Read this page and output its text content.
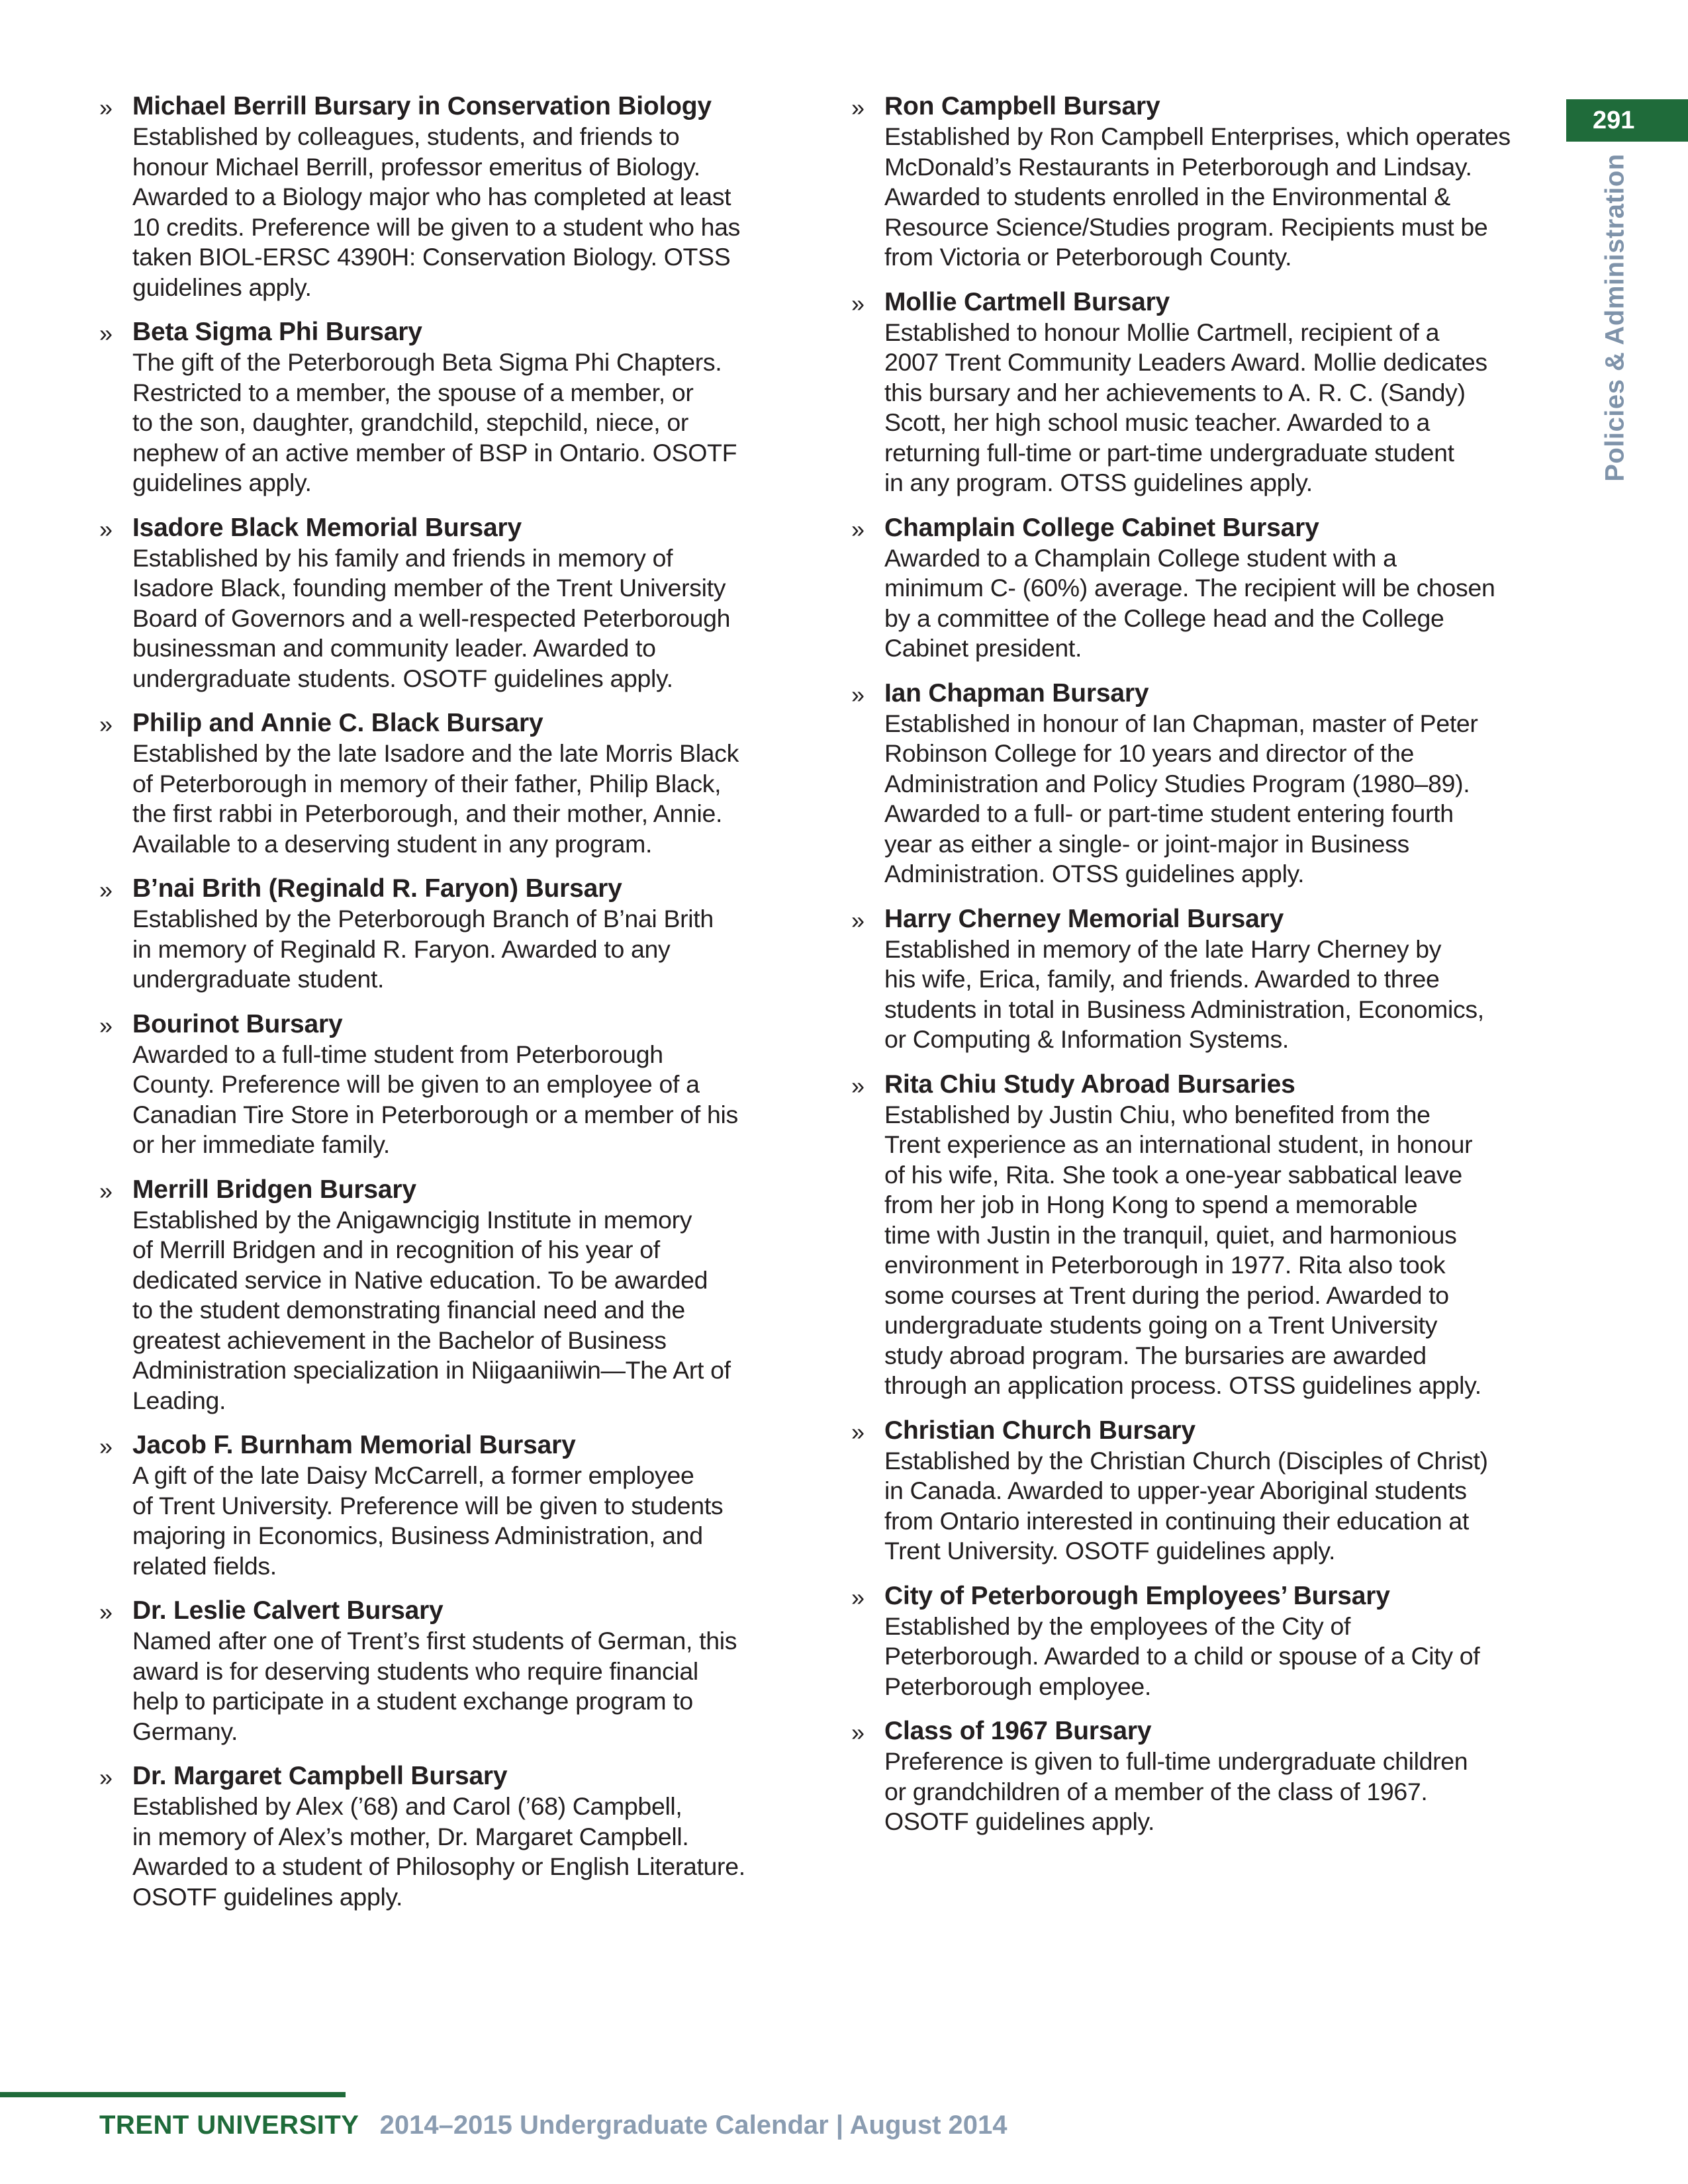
» Michael Berrill Bursary in Conservation Biology
Established by colleagues, students, and friends to
honour Michael Berrill, professor emeritus of Biology.
Awarded to a Biology major who has completed at least
10 credits. Preference will be given to a student who has
taken BIOL-ERSC 4390H: Conservation Biology. OTSS
guidelines apply.
» Beta Sigma Phi Bursary
The gift of the Peterborough Beta Sigma Phi Chapters.
Restricted to a member, the spouse of a member, or
to the son, daughter, grandchild, stepchild, niece, or
nephew of an active member of BSP in Ontario. OSOTF
guidelines apply.
» Isadore Black Memorial Bursary
Established by his family and friends in memory of
Isadore Black, founding member of the Trent University
Board of Governors and a well-respected Peterborough
businessman and community leader. Awarded to
undergraduate students. OSOTF guidelines apply.
» Philip and Annie C. Black Bursary
Established by the late Isadore and the late Morris Black
of Peterborough in memory of their father, Philip Black,
the first rabbi in Peterborough, and their mother, Annie.
Available to a deserving student in any program.
» B’nai Brith (Reginald R. Faryon) Bursary
Established by the Peterborough Branch of B’nai Brith
in memory of Reginald R. Faryon. Awarded to any
undergraduate student.
» Bourinot Bursary
Awarded to a full-time student from Peterborough
County. Preference will be given to an employee of a
Canadian Tire Store in Peterborough or a member of his
or her immediate family.
» Merrill Bridgen Bursary
Established by the Anigawncigig Institute in memory
of Merrill Bridgen and in recognition of his year of
dedicated service in Native education. To be awarded
to the student demonstrating financial need and the
greatest achievement in the Bachelor of Business
Administration specialization in Niigaaniiwin—The Art of
Leading.
» Jacob F. Burnham Memorial Bursary
A gift of the late Daisy McCarrell, a former employee
of Trent University. Preference will be given to students
majoring in Economics, Business Administration, and
related fields.
» Dr. Leslie Calvert Bursary
Named after one of Trent’s first students of German, this
award is for deserving students who require financial
help to participate in a student exchange program to
Germany.
» Dr. Margaret Campbell Bursary
Established by Alex (’68) and Carol (’68) Campbell,
in memory of Alex’s mother, Dr. Margaret Campbell.
Awarded to a student of Philosophy or English Literature.
OSOTF guidelines apply.
» Ron Campbell Bursary
Established by Ron Campbell Enterprises, which operates
McDonald’s Restaurants in Peterborough and Lindsay.
Awarded to students enrolled in the Environmental &
Resource Science/Studies program. Recipients must be
from Victoria or Peterborough County.
» Mollie Cartmell Bursary
Established to honour Mollie Cartmell, recipient of a
2007 Trent Community Leaders Award. Mollie dedicates
this bursary and her achievements to A. R. C. (Sandy)
Scott, her high school music teacher. Awarded to a
returning full-time or part-time undergraduate student
in any program. OTSS guidelines apply.
» Champlain College Cabinet Bursary
Awarded to a Champlain College student with a
minimum C- (60%) average. The recipient will be chosen
by a committee of the College head and the College
Cabinet president.
» Ian Chapman Bursary
Established in honour of Ian Chapman, master of Peter
Robinson College for 10 years and director of the
Administration and Policy Studies Program (1980–89).
Awarded to a full- or part-time student entering fourth
year as either a single- or joint-major in Business
Administration. OTSS guidelines apply.
» Harry Cherney Memorial Bursary
Established in memory of the late Harry Cherney by
his wife, Erica, family, and friends. Awarded to three
students in total in Business Administration, Economics,
or Computing & Information Systems.
» Rita Chiu Study Abroad Bursaries
Established by Justin Chiu, who benefited from the
Trent experience as an international student, in honour
of his wife, Rita. She took a one-year sabbatical leave
from her job in Hong Kong to spend a memorable
time with Justin in the tranquil, quiet, and harmonious
environment in Peterborough in 1977. Rita also took
some courses at Trent during the period. Awarded to
undergraduate students going on a Trent University
study abroad program. The bursaries are awarded
through an application process. OTSS guidelines apply.
» Christian Church Bursary
Established by the Christian Church (Disciples of Christ)
in Canada. Awarded to upper-year Aboriginal students
from Ontario interested in continuing their education at
Trent University. OSOTF guidelines apply.
» City of Peterborough Employees’ Bursary
Established by the employees of the City of
Peterborough. Awarded to a child or spouse of a City of
Peterborough employee.
» Class of 1967 Bursary
Preference is given to full-time undergraduate children
or grandchildren of a member of the class of 1967.
OSOTF guidelines apply.
291
Policies & Administration
TRENT UNIVERSITY 2014–2015 Undergraduate Calendar | August 2014
